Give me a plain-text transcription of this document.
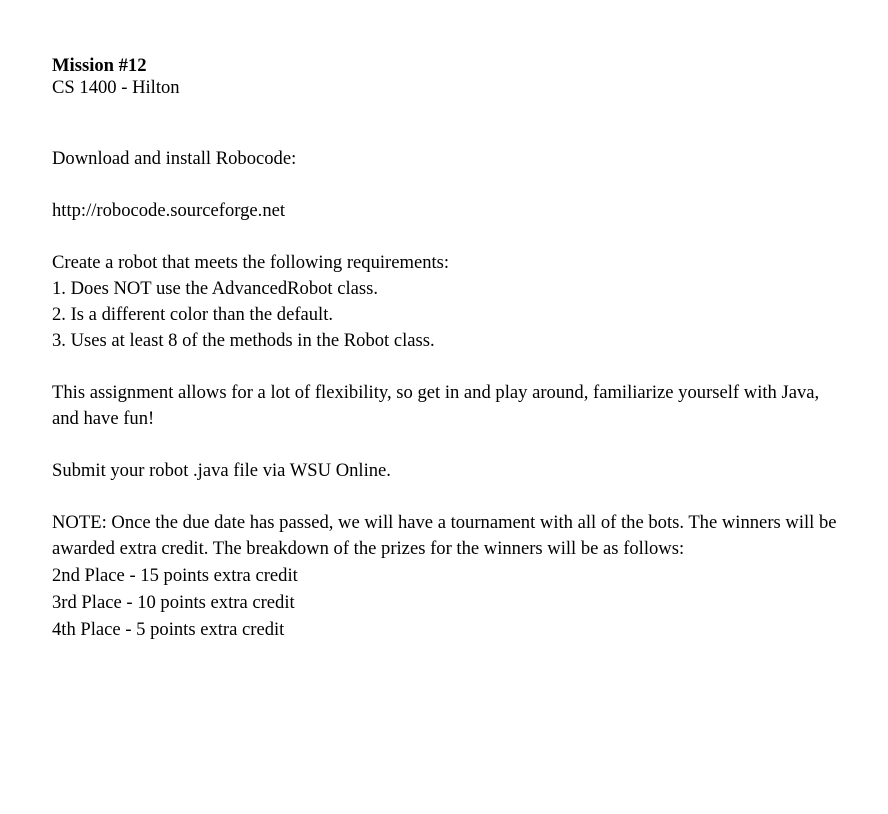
Mission #12

CS 1400 - Hilton

Download and install Robocode:

http://robocode.sourceforge.net

Create a robot that meets the following requirements:

1. Does NOT use the AdvancedRobot class.
2. Is a different color than the default.
3. Uses at least 8 of the methods in the Robot class.

This assignment allows for a lot of flexibility, so get in and play around, familiarize yourself with Java, and have fun!

Submit your robot .java file via WSU Online.

NOTE: Once the due date has passed, we will have a tournament with all of the bots. The winners will be awarded extra credit. The breakdown of the prizes for the winners will be as follows:

2nd Place - 15 points extra credit
3rd Place - 10 points extra credit
4th Place - 5 points extra credit
